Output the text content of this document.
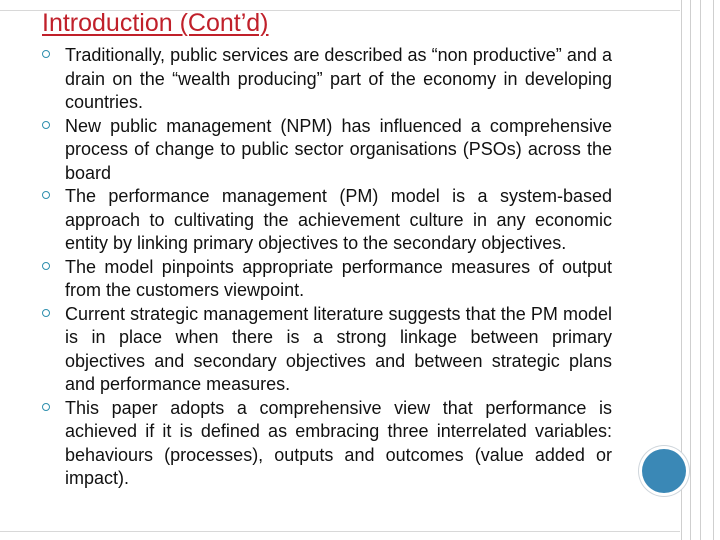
Introduction (Cont’d)
Traditionally, public services are described as “non productive” and a drain on the “wealth producing” part of the economy in developing countries.
New public management (NPM) has influenced a comprehensive process of change to public sector organisations (PSOs) across the board
The performance management (PM) model is a system-based approach to cultivating the achievement culture in any economic entity by linking primary objectives to the secondary objectives.
The model pinpoints appropriate performance measures of output from the customers viewpoint.
Current strategic management literature suggests that the PM model is in place when there is a strong linkage between primary objectives and secondary objectives and between strategic plans and performance measures.
This paper adopts a comprehensive view that performance is achieved if it is defined as embracing three interrelated variables: behaviours (processes), outputs and outcomes (value added or impact).
